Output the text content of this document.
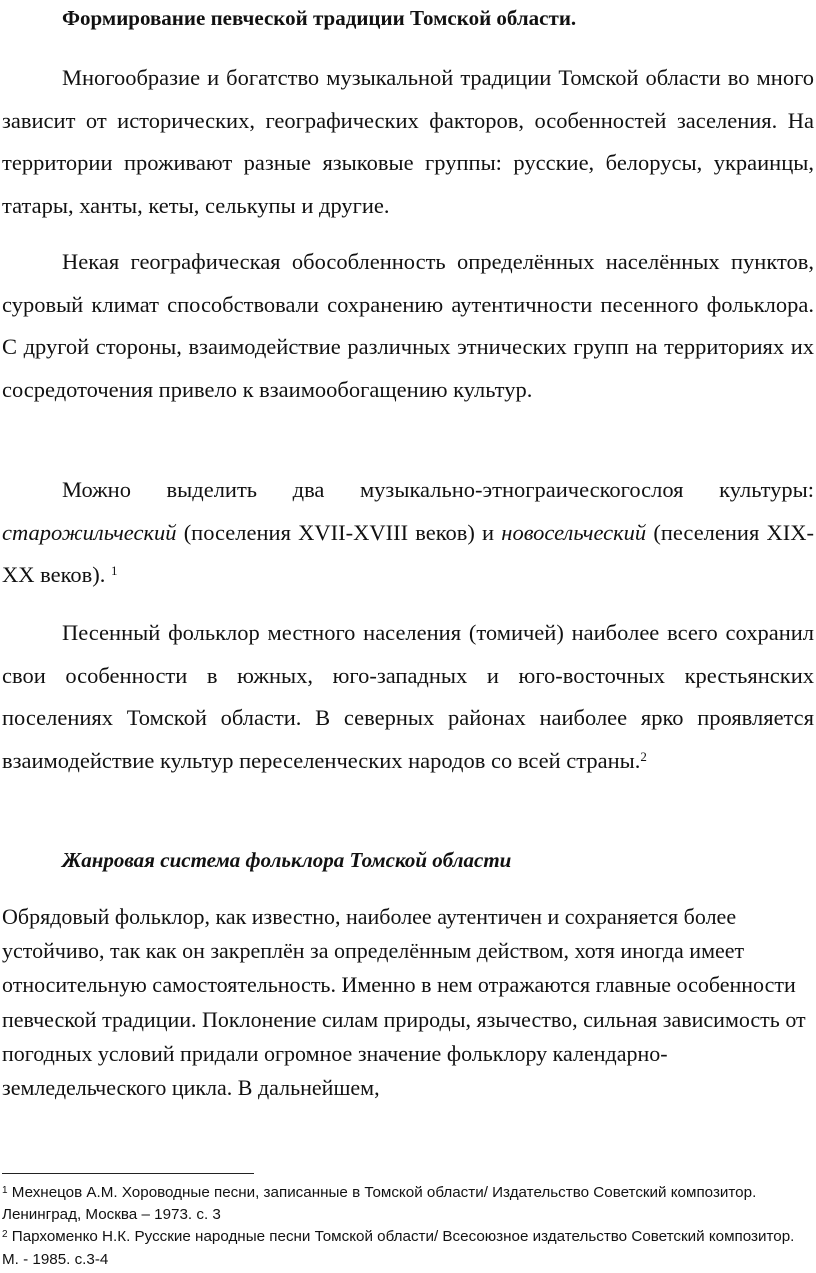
Формирование певческой традиции Томской области.

Многообразие и богатство музыкальной традиции Томской области во много зависит от исторических, географических факторов, особенностей заселения. На территории проживают разные языковые группы: русские, белорусы, украинцы, татары, ханты, кеты, селькупы и другие.

Некая географическая обособленность определённых населённых пунктов, суровый климат способствовали сохранению аутентичности песенного фольклора. С другой стороны, взаимодействие различных этнических групп на территориях их сосредоточения привело к взаимообогащению культур.

Можно выделить два музыкально-этнограическогослоя культуры: старожильческий (поселения XVII-XVIII веков) и новосельческий (песеления XIX-XX веков). $^1$

Песенный фольклор местного населения (томичей) наиболее всего сохранил свои особенности в южных, юго-западных и юго-восточных крестьянских поселениях Томской области. В северных районах наиболее ярко проявляется взаимодействие культур переселенческих народов со всей страны.$^2$

Жанровая система фольклора Томской области

Обрядовый фольклор, как известно, наиболее аутентичен и сохраняется более устойчиво, так как он закреплён за определённым действом, хотя иногда имеет относительную самостоятельность. Именно в нем отражаются главные особенности певческой традиции. Поклонение силам природы, язычество, сильная зависимость от погодных условий придали огромное значение фольклору календарно-земледельческого цикла. В дальнейшем,

$^1$ Мехнецов А.М. Хороводные песни, записанные в Томской области/ Издательство Советский композитор. Ленинград, Москва – 1973. с. 3

$^2$ Пархоменко Н.К. Русские народные песни Томской области/ Всесоюзное издательство Советский композитор. М. - 1985. с.3-4
